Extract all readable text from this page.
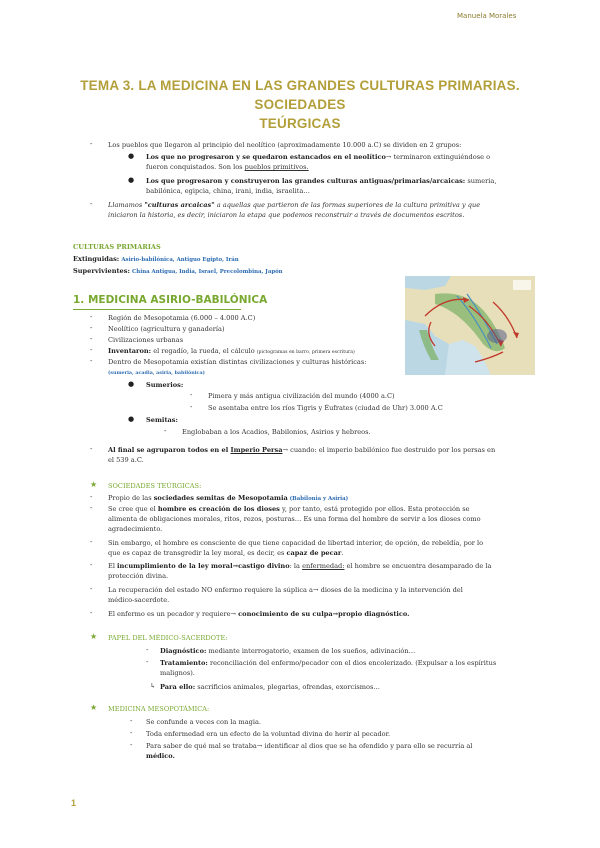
Manuela Morales
TEMA 3. LA MEDICINA EN LAS GRANDES CULTURAS PRIMARIAS. SOCIEDADES
TEÚRGICAS
- Los pueblos que llegaron al principio del neolítico (aproximadamente 10.000 a.C) se dividen en 2 grupos:
● Los que no progresaron y se quedaron estancados en el neolítico→ terminaron extinguiéndose o
fueron conquistados. Son los pueblos primitivos.
● Los que progresaron y construyeron las grandes culturas antiguas/primarias/arcaicas: sumeria,
babilónica, egipcia, china, irani, india, israelita…
- Llamamos "culturas arcaicas" a aquellas que partieron de las formas superiores de la cultura primitiva y que
iniciaron la historia, es decir, iniciaron la etapa que podemos reconstruir a través de documentos escritos.
CULTURAS PRIMARIAS
Extinguidas: Asirio-babilónica, Antiguo Egipto, Irán
Supervivientes: China Antigua, India, Israel, Precolombina, Japón
1. MEDICINA ASIRIO-BABILÓNICA
- Región de Mesopotamia (6.000 – 4.000 A.C)
- Neolítico (agricultura y ganadería)
- Civilizaciones urbanas
- Inventaron: el regadío, la rueda, el cálculo (pictogramas en barro, primera escritura)
- Dentro de Mesopotamia existían distintas civilizaciones y culturas históricas:
(sumeria, acadia, asiria, babilónica)
● Sumerios:
- Pimera y más antigua civilización del mundo (4000 a.C)
- Se asentaba entre los ríos Tigris y Éufrates (ciudad de Uhr) 3.000 A.C
● Semitas:
- Englobaban a los Acadios, Babilonios, Asirios y hebreos.
- Al final se agruparon todos en el Imperio Persa→ cuando: el imperio babilónico fue destruido por los persas en
el 539 a.C.
★ SOCIEDADES TEÚRGICAS:
- Propio de las sociedades semitas de Mesopotamia (Babilonia y Asiria)
- Se cree que el hombre es creación de los dioses y, por tanto, está protegido por ellos. Esta protección se
alimenta de obligaciones morales, ritos, rezos, posturas… Es una forma del hombre de servir a los dioses como
agradecimiento.
- Sin embargo, el hombre es consciente de que tiene capacidad de libertad interior, de opción, de rebeldía, por lo
que es capaz de transgredir la ley moral, es decir, es capaz de pecar.
- El incumplimiento de la ley moral→castigo divino: la enfermedad: el hombre se encuentra desamparado de la
protección divina.
- La recuperación del estado NO enfermo requiere la súplica a→ dioses de la medicina y la intervención del
médico-sacerdote.
- El enfermo es un pecador y requiere→ conocimiento de su culpa→propio diagnóstico.
★ PAPEL DEL MÉDICO-SACERDOTE:
- Diagnóstico: mediante interrogatorio, examen de los sueños, adivinación…
- Tratamiento: reconciliación del enfermo/pecador con el dios encolerizado. (Expulsar a los espíritus
malignos).
↳ Para ello: sacrificios animales, plegarias, ofrendas, exorcismos…
★ MEDICINA MESOPOTÁMICA:
- Se confunde a veces con la magia.
- Toda enfermedad era un efecto de la voluntad divina de herir al pecador.
- Para saber de qué mal se trataba→ identificar al dios que se ha ofendido y para ello se recurría al
médico.
1
